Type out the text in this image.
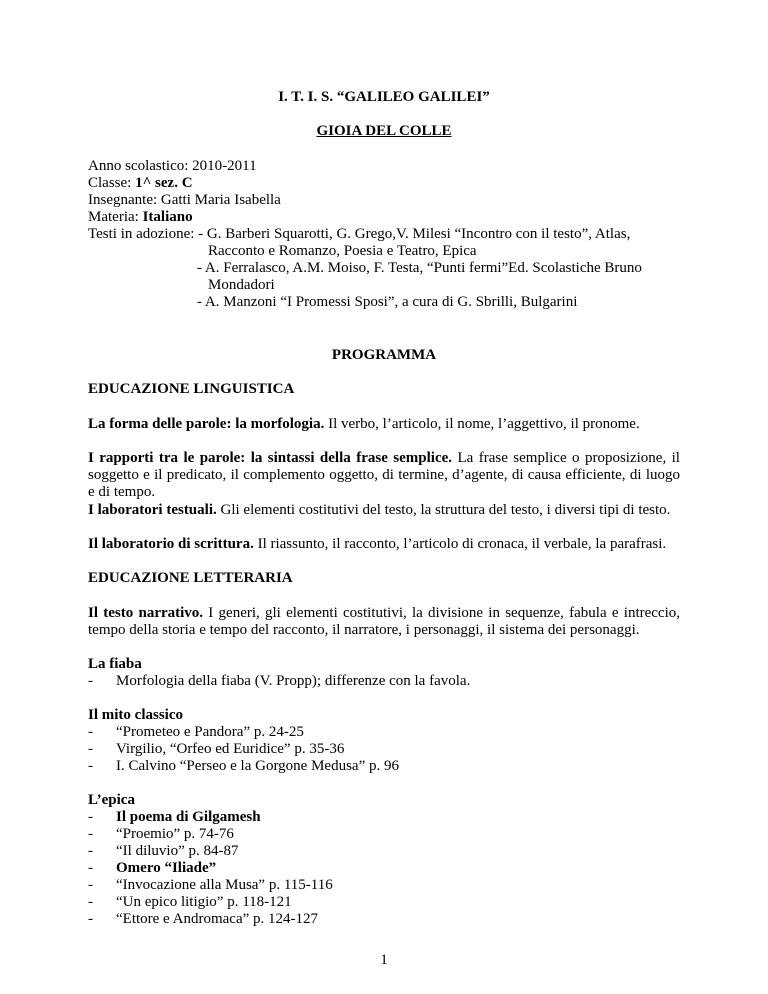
I. T. I. S. “GALILEO GALILEI”
GIOIA DEL COLLE
Anno scolastico: 2010-2011
Classe: 1^ sez. C
Insegnante: Gatti Maria Isabella
Materia: Italiano
Testi in adozione: - G. Barberi Squarotti, G. Grego,V. Milesi “Incontro con il testo”, Atlas,
Racconto e Romanzo, Poesia e Teatro, Epica
- A. Ferralasco, A.M. Moiso, F. Testa, “Punti fermi”Ed. Scolastiche Bruno
Mondadori
- A. Manzoni “I Promessi Sposi”, a cura di G. Sbrilli, Bulgarini
PROGRAMMA
EDUCAZIONE LINGUISTICA
La forma delle parole: la morfologia. Il verbo, l’articolo, il nome, l’aggettivo, il pronome.
I rapporti tra le parole: la sintassi della frase semplice. La frase semplice o proposizione, il soggetto e il predicato, il complemento oggetto, di termine, d’agente, di causa efficiente, di luogo e di tempo.
I laboratori testuali. Gli elementi costitutivi del testo, la struttura del testo, i diversi tipi di testo.
Il laboratorio di scrittura. Il riassunto, il racconto, l’articolo di cronaca, il verbale, la parafrasi.
EDUCAZIONE LETTERARIA
Il testo narrativo. I generi, gli elementi costitutivi, la divisione in sequenze, fabula e intreccio, tempo della storia e tempo del racconto, il narratore, i personaggi, il sistema dei personaggi.
La fiaba
- Morfologia della fiaba (V. Propp); differenze con la favola.
Il mito classico
- “Prometeo e Pandora” p. 24-25
- Virgilio, “Orfeo ed Euridice” p. 35-36
- I. Calvino “Perseo e la Gorgone Medusa” p. 96
L’epica
- Il poema di Gilgamesh
- “Proemio” p. 74-76
- “Il diluvio” p. 84-87
- Omero “Iliade”
- “Invocazione alla Musa” p. 115-116
- “Un epico litigio” p. 118-121
- “Ettore e Andromaca” p. 124-127
1
